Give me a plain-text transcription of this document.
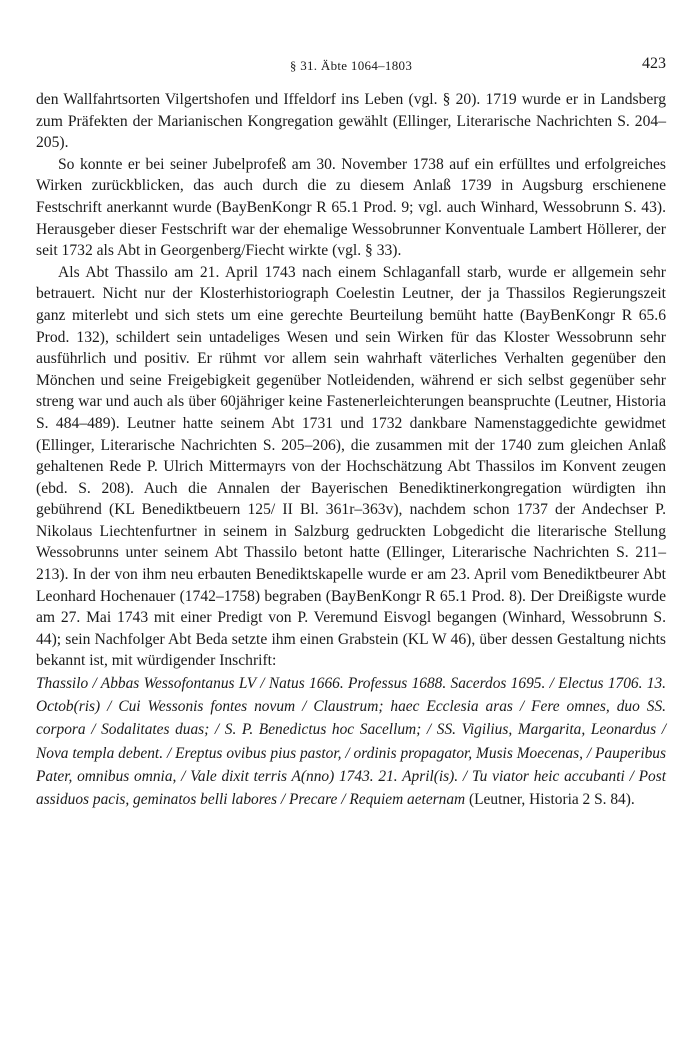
§ 31. Äbte 1064–1803	423

den Wallfahrtsorten Vilgertshofen und Iffeldorf ins Leben (vgl. § 20). 1719 wurde er in Landsberg zum Präfekten der Marianischen Kongregation gewählt (Ellinger, Literarische Nachrichten S. 204–205).

So konnte er bei seiner Jubelprofeß am 30. November 1738 auf ein erfülltes und erfolgreiches Wirken zurückblicken, das auch durch die zu diesem Anlaß 1739 in Augsburg erschienene Festschrift anerkannt wurde (BayBenKongr R 65.1 Prod. 9; vgl. auch Winhard, Wessobrunn S. 43). Herausgeber dieser Festschrift war der ehemalige Wessobrunner Konventuale Lambert Höllerer, der seit 1732 als Abt in Georgenberg/Fiecht wirkte (vgl. § 33).

Als Abt Thassilo am 21. April 1743 nach einem Schlaganfall starb, wurde er allgemein sehr betrauert. Nicht nur der Klosterhistoriograph Coelestin Leutner, der ja Thassilos Regierungszeit ganz miterlebt und sich stets um eine gerechte Beurteilung bemüht hatte (BayBenKongr R 65.6 Prod. 132), schildert sein untadeliges Wesen und sein Wirken für das Kloster Wessobrunn sehr ausführlich und positiv. Er rühmt vor allem sein wahrhaft väterliches Verhalten gegenüber den Mönchen und seine Freigebigkeit gegenüber Notleidenden, während er sich selbst gegenüber sehr streng war und auch als über 60jähriger keine Fastenerleichterungen beanspruchte (Leutner, Historia S. 484–489). Leutner hatte seinem Abt 1731 und 1732 dankbare Namenstaggedichte gewidmet (Ellinger, Literarische Nachrichten S. 205–206), die zusammen mit der 1740 zum gleichen Anlaß gehaltenen Rede P. Ulrich Mittermayrs von der Hochschätzung Abt Thassilos im Konvent zeugen (ebd. S. 208). Auch die Annalen der Bayerischen Benediktinerkongregation würdigten ihn gebührend (KL Benediktbeuern 125/ II Bl. 361r–363v), nachdem schon 1737 der Andechser P. Nikolaus Liechtenfurtner in seinem in Salzburg gedruckten Lobgedicht die literarische Stellung Wessobrunns unter seinem Abt Thassilo betont hatte (Ellinger, Literarische Nachrichten S. 211–213). In der von ihm neu erbauten Benediktskapelle wurde er am 23. April vom Benediktbeurer Abt Leonhard Hochenauer (1742–1758) begraben (BayBenKongr R 65.1 Prod. 8). Der Dreißigste wurde am 27. Mai 1743 mit einer Predigt von P. Veremund Eisvogl begangen (Winhard, Wessobrunn S. 44); sein Nachfolger Abt Beda setzte ihm einen Grabstein (KL W 46), über dessen Gestaltung nichts bekannt ist, mit würdigender Inschrift:

Thassilo / Abbas Wessofontanus LV / Natus 1666. Professus 1688. Sacerdos 1695. / Electus 1706. 13. Octob(ris) / Cui Wessonis fontes novum / Claustrum; haec Ecclesia aras / Fere omnes, duo SS. corpora / Sodalitates duas; / S. P. Benedictus hoc Sacellum; / SS. Vigilius, Margarita, Leonardus / Nova templa debent. / Ereptus ovibus pius pastor, / ordinis propagator, Musis Moecenas, / Pauperibus Pater, omnibus omnia, / Vale dixit terris A(nno) 1743. 21. April(is). / Tu viator heic accubanti / Post assiduos pacis, geminatos belli labores / Precare / Requiem aeternam (Leutner, Historia 2 S. 84).
